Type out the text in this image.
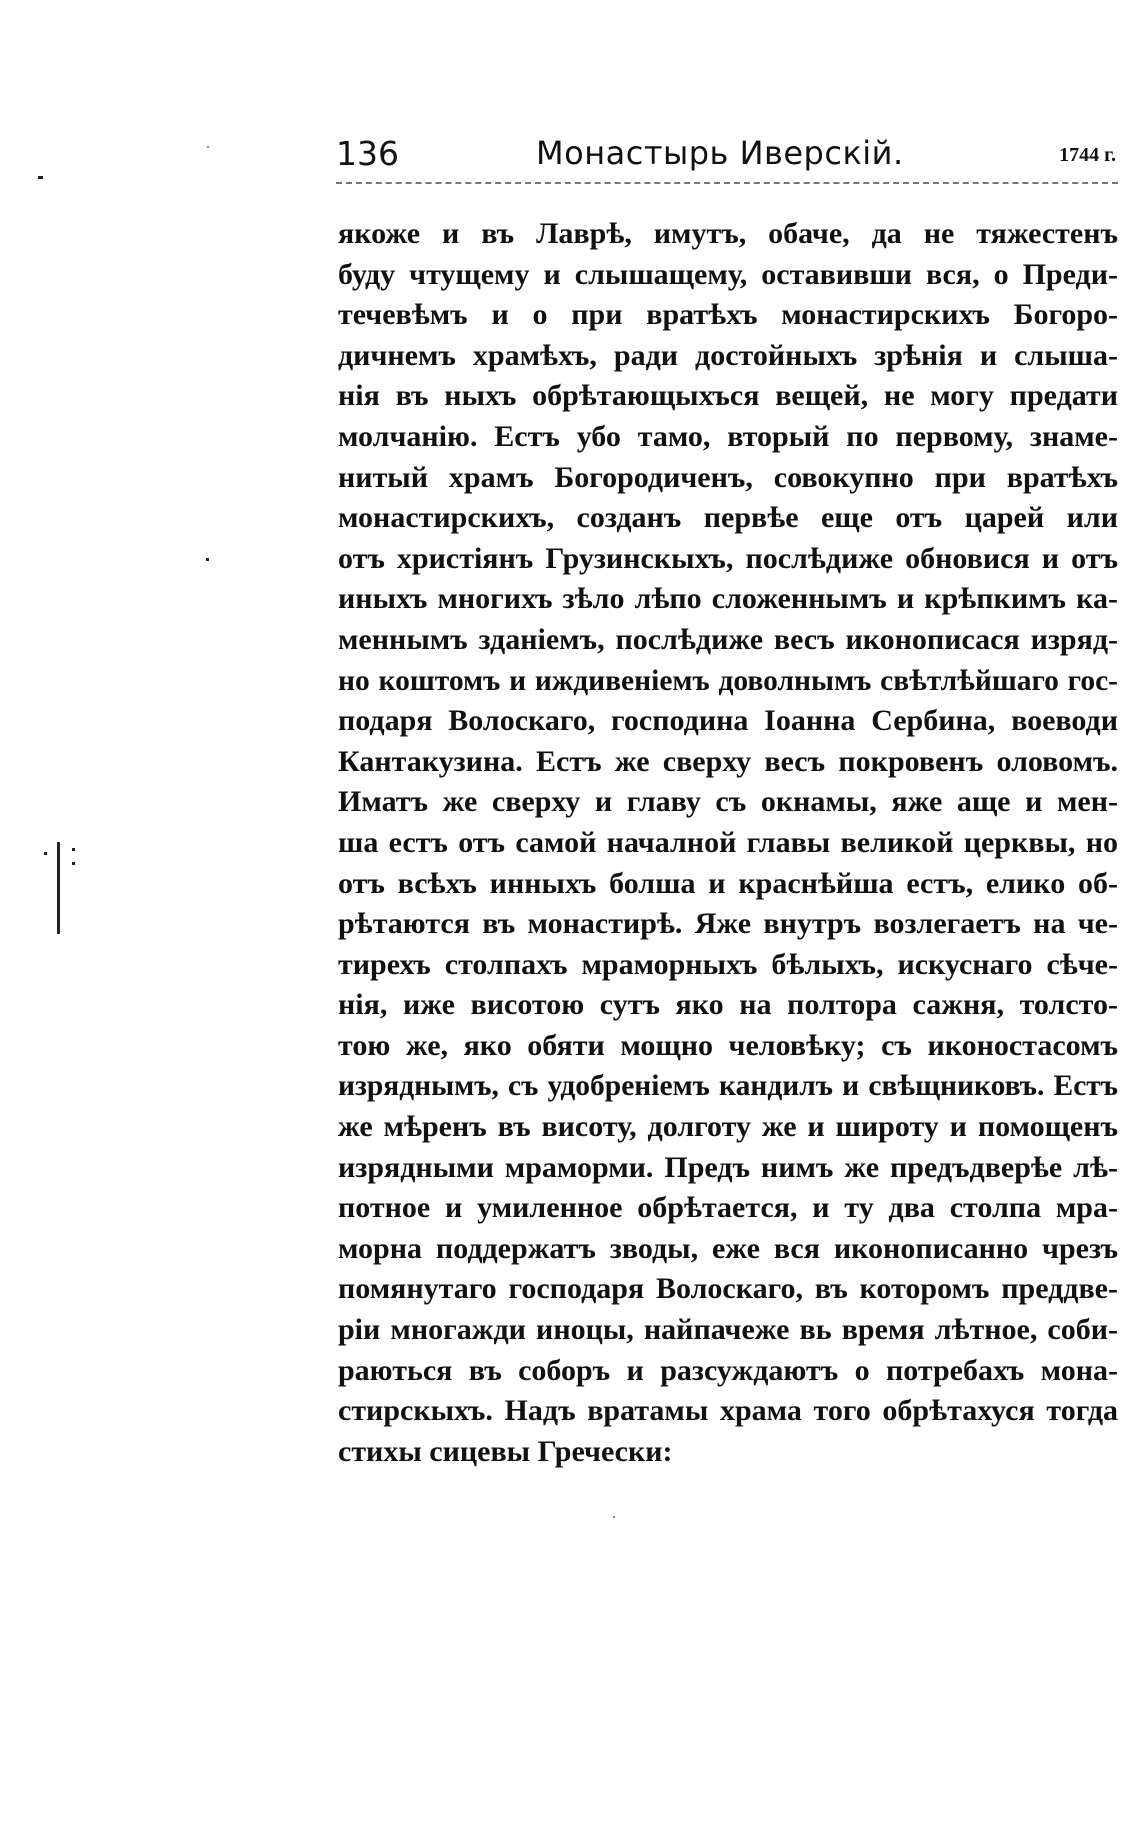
136	Монастырь Иверскій.	1744 г.
якоже и въ Лаврѣ, имутъ, обаче, да не тяжестенъ
буду чтущему и слышащему, оставивши вся, о Преди-
течевѣмъ и о при вратѣхъ монастирскихъ Богоро-
дичнемъ храмѣхъ, ради достойныхъ зрѣнія и слыша-
нія въ ныхъ обрѣтающыхъся вещей, не могу предати
молчанію. Естъ убо тамо, вторый по первому, знаме-
нитый храмъ Богородиченъ, совокупно при вратѣхъ
монастирскихъ, созданъ первѣе еще отъ царей или
отъ христіянъ Грузинскыхъ, послѣдиже обновися и отъ
иныхъ многихъ зѣло лѣпо сложеннымъ и крѣпкимъ ка-
меннымъ зданіемъ, послѣдиже весъ иконописася изряд-
но коштомъ и иждивеніемъ доволнымъ свѣтлѣйшаго гос-
подаря Волоскаго, господина Іоанна Сербина, воеводи
Кантакузина. Естъ же сверху весъ покровенъ оловомъ.
Иматъ же сверху и главу съ окнамы, яже аще и мен-
ша естъ отъ самой началной главы великой церквы, но
отъ всѣхъ инныхъ болша и краснѣйша естъ, елико об-
рѣтаются въ монастирѣ. Яже внутръ возлегаетъ на че-
тирехъ столпахъ мраморныхъ бѣлыхъ, искуснаго сѣче-
нія, иже висотою сутъ яко на полтора сажня, толсто-
тою же, яко обяти мощно человѣку; съ иконостасомъ
изряднымъ, съ удобреніемъ кандилъ и свѣщниковъ. Естъ
же мѣренъ въ висоту, долготу же и широту и помощенъ
изрядными мраморми. Предъ нимъ же предъдверѣе лѣ-
потное и умиленное обрѣтается, и ту два столпа мра-
морна поддержатъ зводы, еже вся иконописанно чрезъ
помянутаго господаря Волоскаго, въ которомъ преддве-
ріи многажди иноцы, найпачеже вь время лѣтное, соби-
раються въ соборъ и разсуждаютъ о потребахъ мона-
стирскыхъ. Надъ вратамы храма того обрѣтахуся тогда
стихы сицевы Гречески:
